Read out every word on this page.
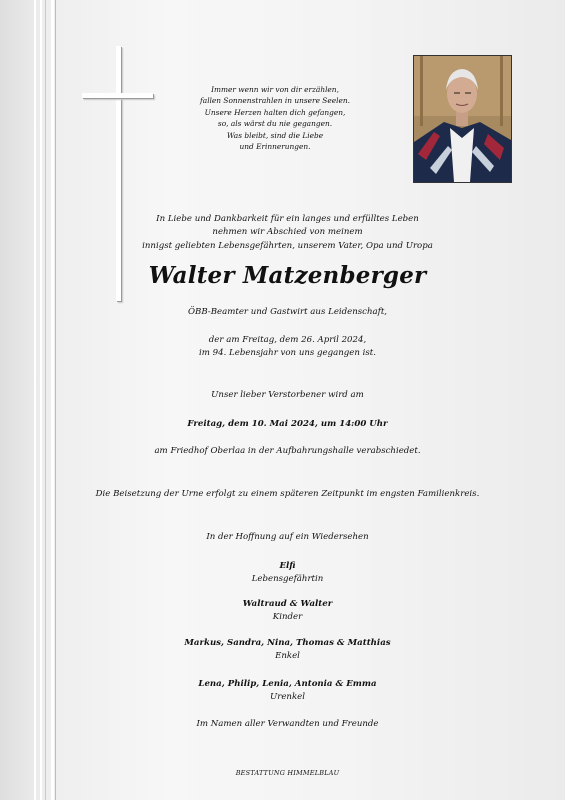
Immer wenn wir von dir erzählen,
fallen Sonnenstrahlen in unsere Seelen.
Unsere Herzen halten dich gefangen,
so, als wärst du nie gegangen.
Was bleibt, sind die Liebe
und Erinnerungen.
In Liebe und Dankbarkeit für ein langes und erfülltes Leben
nehmen wir Abschied von meinem
innigst geliebten Lebensgefährten, unserem Vater, Opa und Uropa
Walter Matzenberger
ÖBB-Beamter und Gastwirt aus Leidenschaft,
der am Freitag, dem 26. April 2024,
im 94. Lebensjahr von uns gegangen ist.
Unser lieber Verstorbener wird am
Freitag, dem 10. Mai 2024, um 14:00 Uhr
am Friedhof Oberlaa in der Aufbahrungshalle verabschiedet.
Die Beisetzung der Urne erfolgt zu einem späteren Zeitpunkt im engsten Familienkreis.
In der Hoffnung auf ein Wiedersehen
Elfi
Lebensgefährtin
Waltraud & Walter
Kinder
Markus, Sandra, Nina, Thomas & Matthias
Enkel
Lena, Philip, Lenia, Antonia & Emma
Urenkel
Im Namen aller Verwandten und Freunde
BESTATTUNG HIMMELBLAU
